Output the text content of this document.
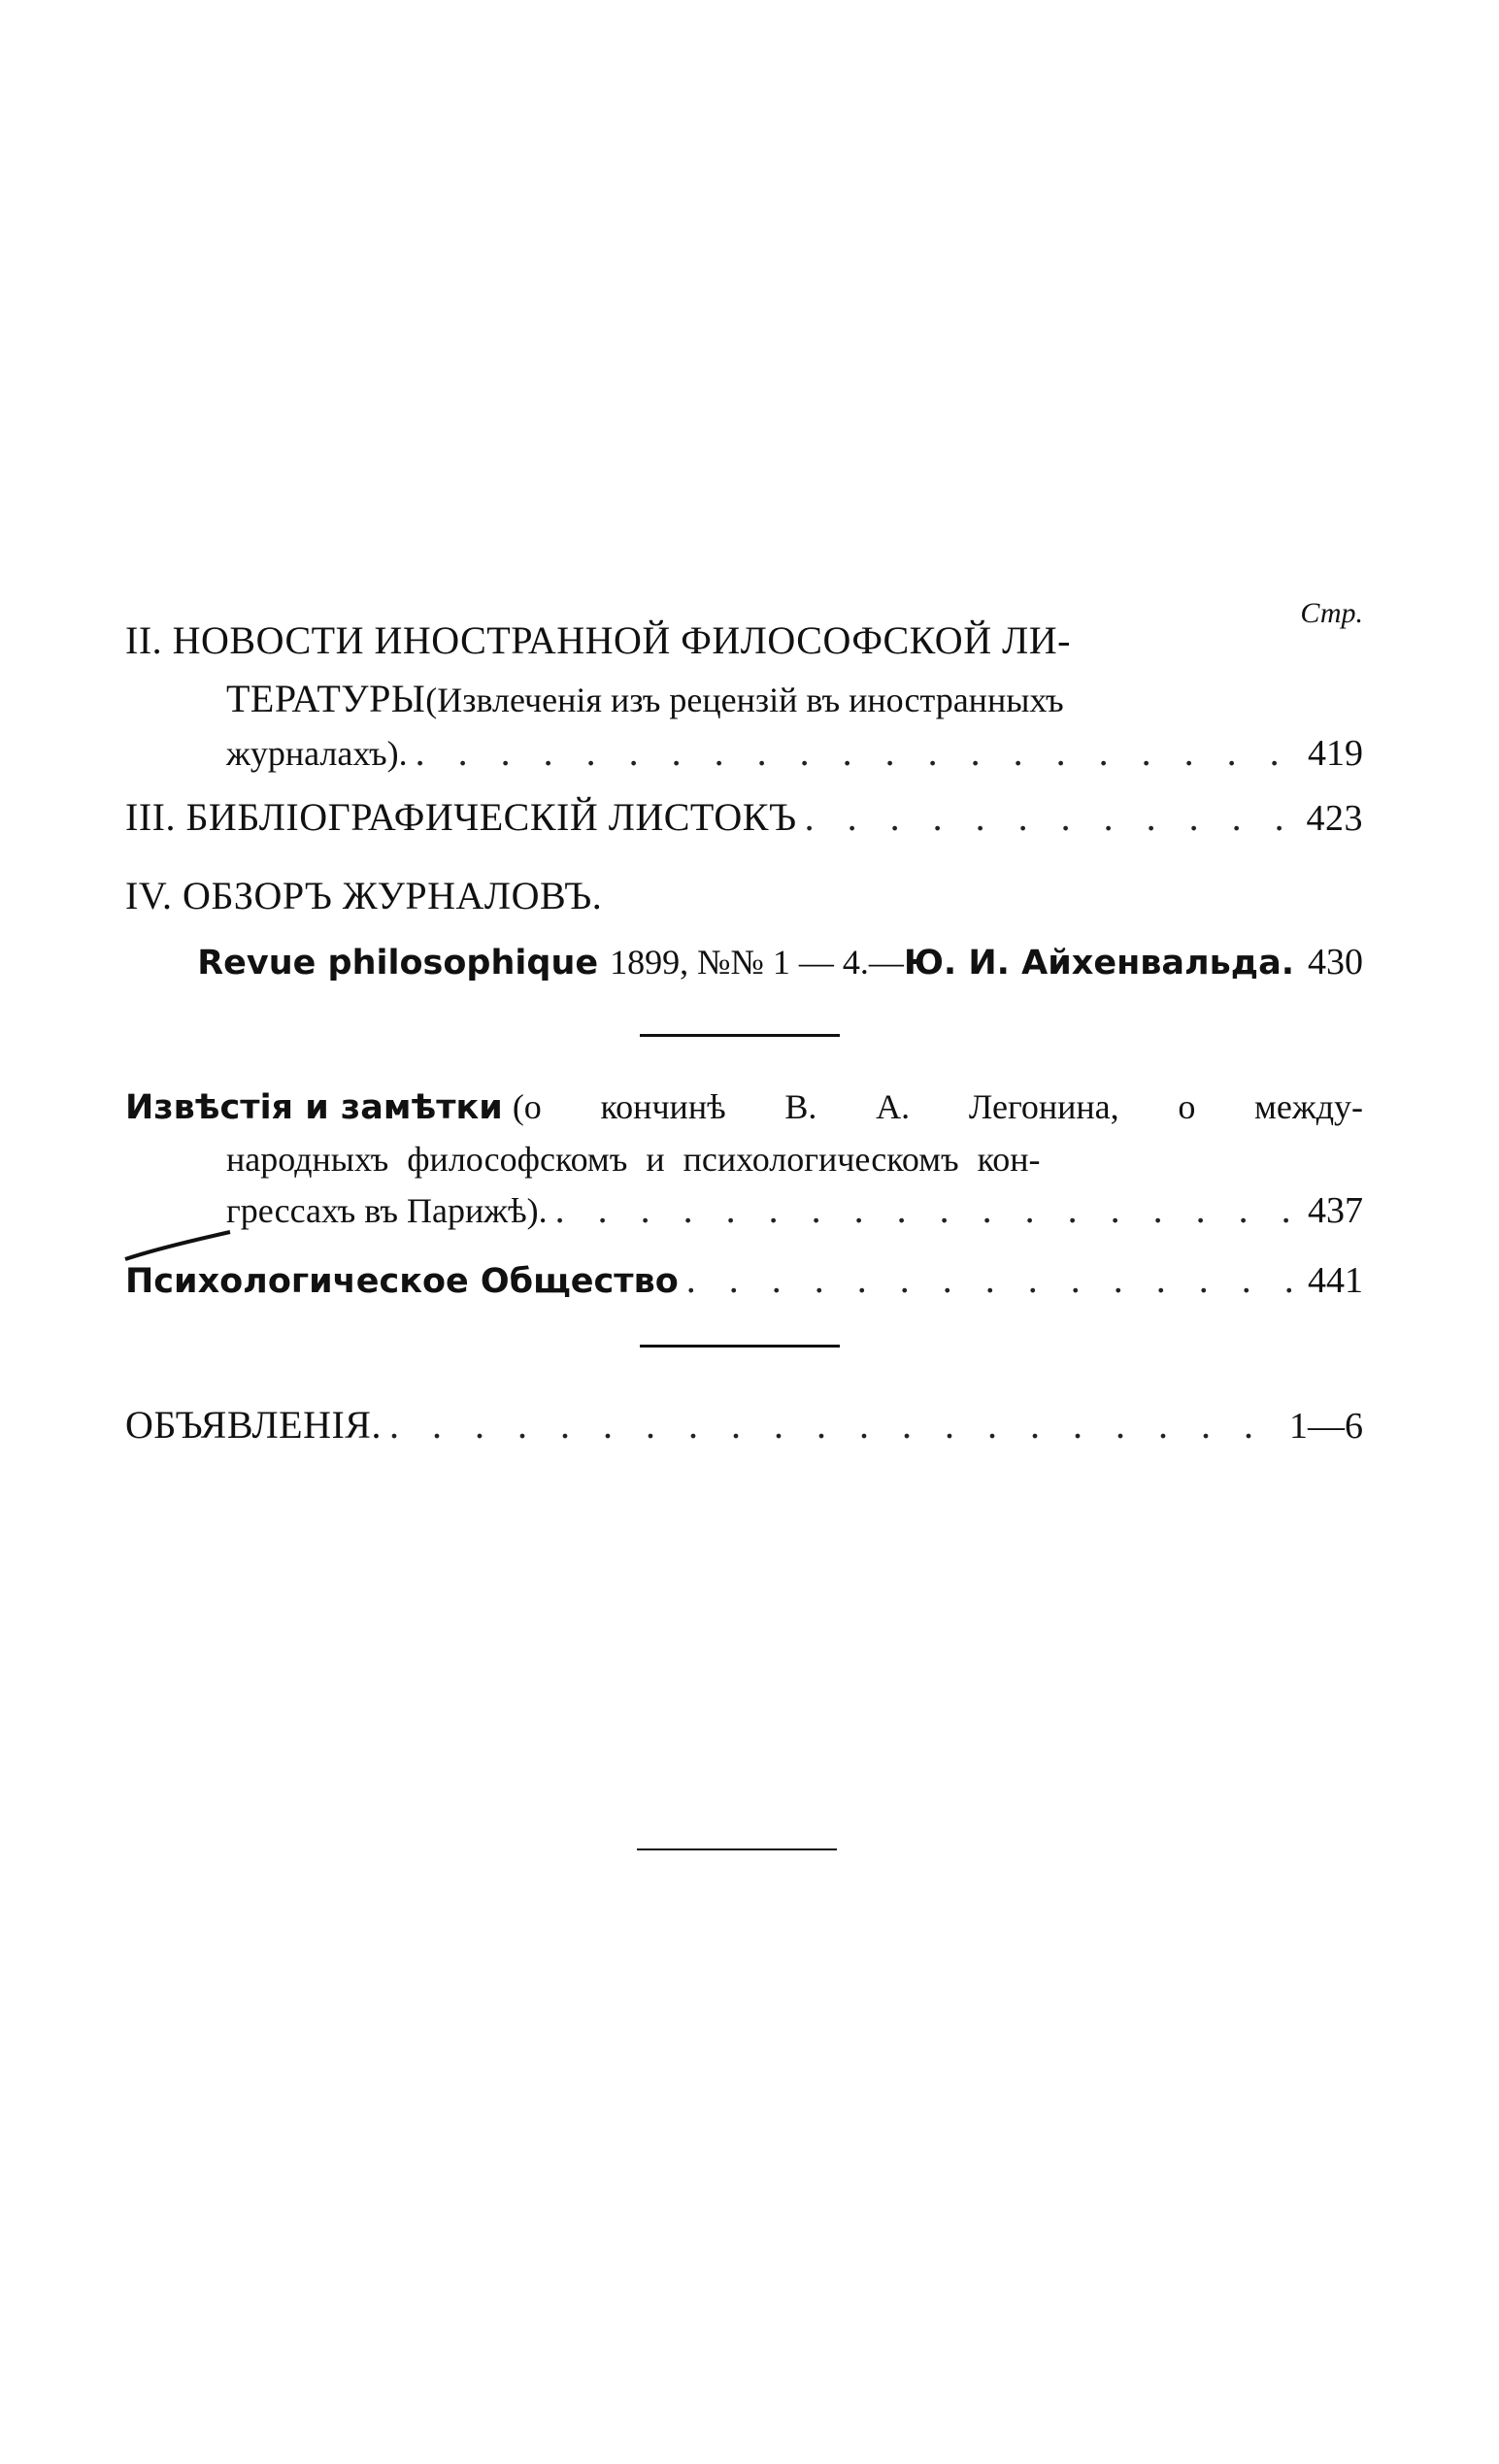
Стр.
II. НОВОСТИ ИНОСТРАННОЙ ФИЛОСОФСКОЙ ЛИ-
ТЕРАТУРЫ (Извлеченія изъ рецензій въ иностранныхъ
журналахъ). . . .	419
III. БИБЛІОГРАФИЧЕСКІЙ ЛИСТОКЪ . . .	423
IV. ОБЗОРЪ ЖУРНАЛОВЪ.
Revue philosophique 1899, №№ 1 — 4.— Ю. И. Айхенвальда. 430
Извѣстія и замѣтки (о кончинѣ В. А. Легонина, о между-
народныхъ философскомъ и психологическомъ кон-
грессахъ въ Парижѣ). . . .	437
Психологическое Общество . . .	441
ОБЪЯВЛЕНІЯ. . . .	1—6
